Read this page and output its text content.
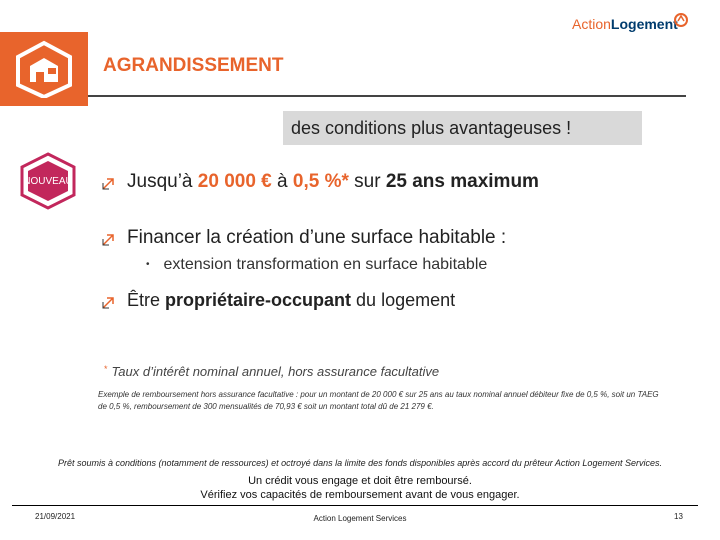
AGRANDISSEMENT
ActionLogement
des conditions plus avantageuses !
NOUVEAU	Jusqu’à 20 000 € à 0,5 %* sur 25 ans maximum
Financer la création d’une surface habitable :
• extension transformation en surface habitable
Être propriétaire-occupant du logement
* Taux d’intérêt nominal annuel, hors assurance facultative
Exemple de remboursement hors assurance facultative : pour un montant de 20 000 € sur 25 ans au taux nominal annuel débiteur fixe de 0,5 %, soit un TAEG de 0,5 %, remboursement de 300 mensualités de 70,93 € soit un montant total dû de 21 279 €.
Prêt soumis à conditions (notamment de ressources) et octroyé dans la limite des fonds disponibles après accord du prêteur Action Logement Services.
Un crédit vous engage et doit être remboursé.
Vérifiez vos capacités de remboursement avant de vous engager.
21/09/2021	Action Logement Services	13
